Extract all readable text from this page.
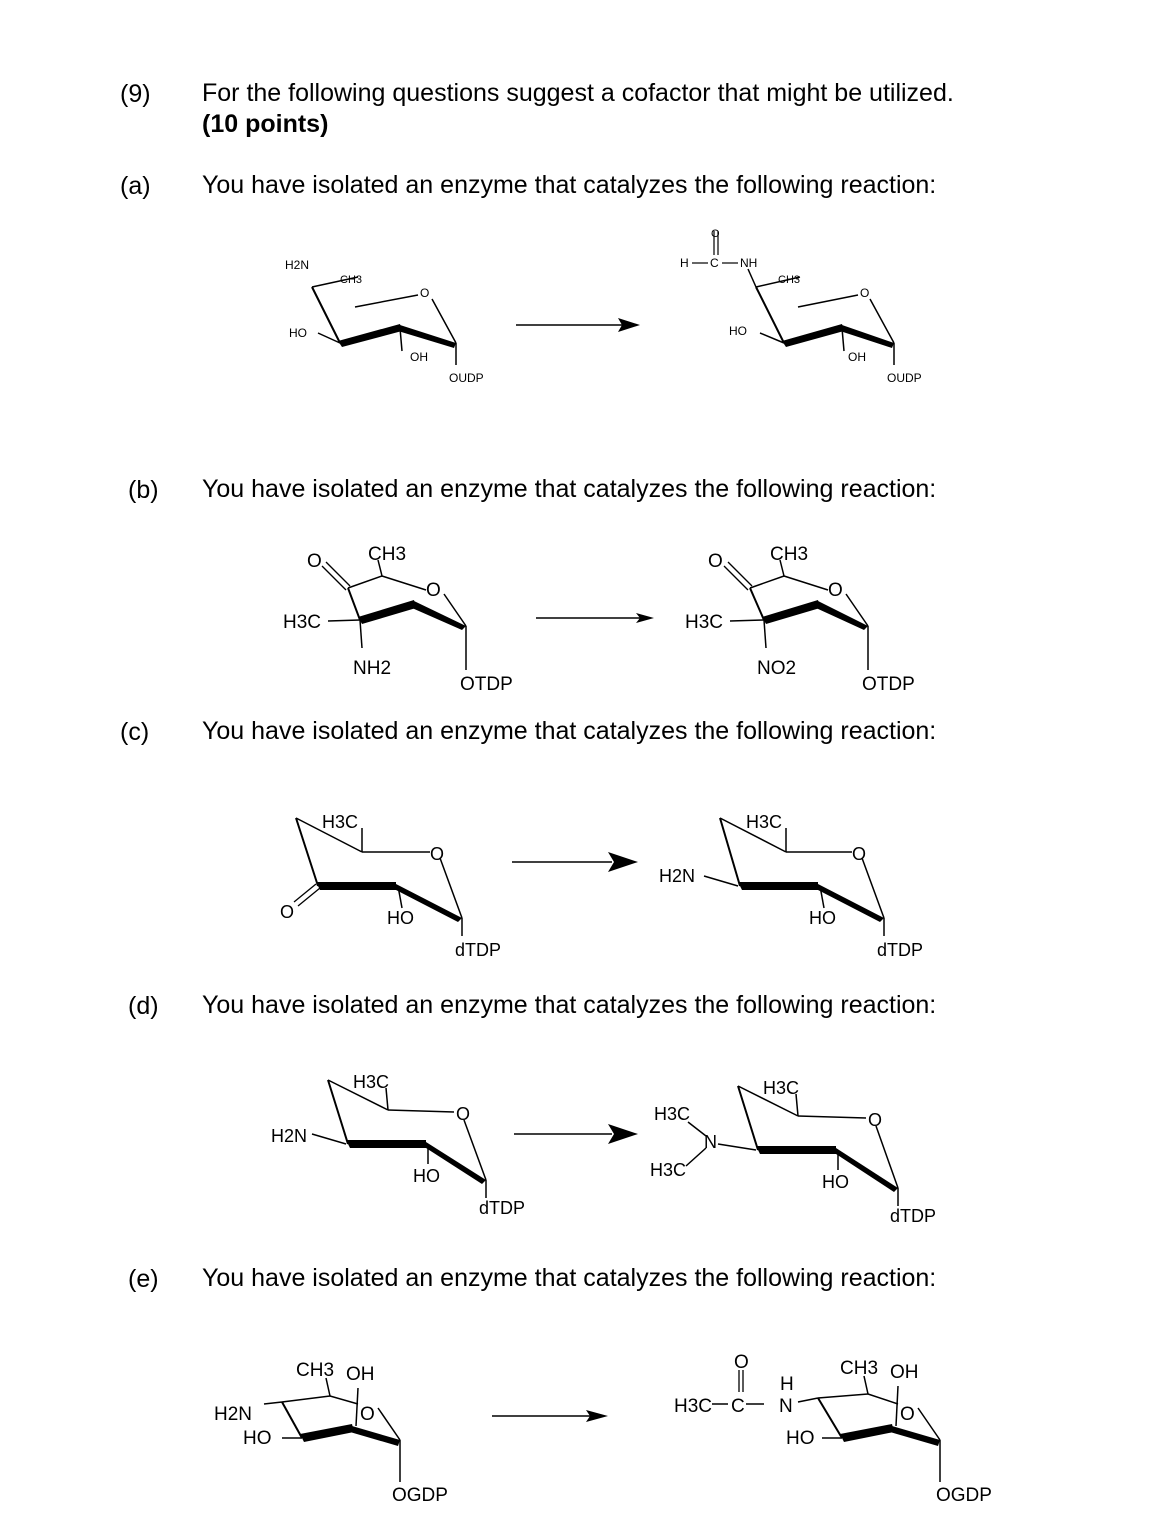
(9) For the following questions suggest a cofactor that might be utilized.
(10 points)
(a) You have isolated an enzyme that catalyzes the following reaction:
H2N
CH3
O
HO
OH
OUDP
O
H C NH
CH3
O
HO
OH
OUDP
(b) You have isolated an enzyme that catalyzes the following reaction:
O CH3
O
H3C
NH2
OTDP
O CH3
O
H3C
NO2
OTDP
(c) You have isolated an enzyme that catalyzes the following reaction:
H3C
O
O	HO
dTDP
H3C
O
H2N
HO
dTDP
(d) You have isolated an enzyme that catalyzes the following reaction:
H3C
O
H2N
HO
dTDP
H3C
N
H3C
H3C
O
HO
dTDP
(e) You have isolated an enzyme that catalyzes the following reaction:
CH3 OH
H2N
HO
O
OGDP
H3C C
O
H
N
CH3 OH
HO
O
OGDP
